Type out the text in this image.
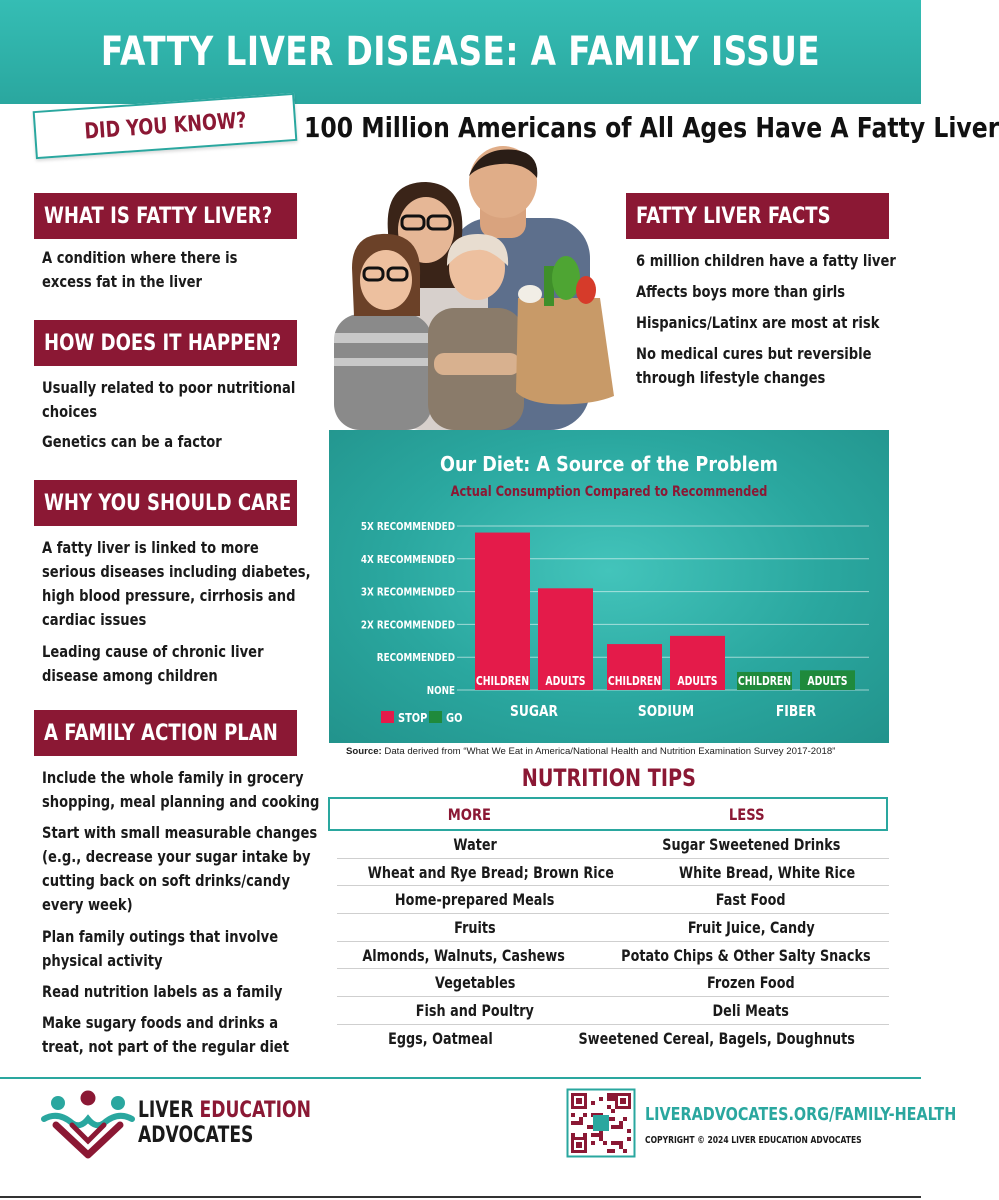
FATTY LIVER DISEASE: A FAMILY ISSUE
DID YOU KNOW? 100 Million Americans of All Ages Have A Fatty Liver
WHAT IS FATTY LIVER?
A condition where there is
excess fat in the liver
HOW DOES IT HAPPEN?
Usually related to poor nutritional
choices
Genetics can be a factor
WHY YOU SHOULD CARE
A fatty liver is linked to more
serious diseases including diabetes,
high blood pressure, cirrhosis and
cardiac issues
Leading cause of chronic liver
disease among children
A FAMILY ACTION PLAN
Include the whole family in grocery
shopping, meal planning and cooking
Start with small measurable changes
(e.g., decrease your sugar intake by
cutting back on soft drinks/candy
every week)
Plan family outings that involve
physical activity
Read nutrition labels as a family
Make sugary foods and drinks a
treat, not part of the regular diet
FATTY LIVER FACTS
6 million children have a fatty liver
Affects boys more than girls
Hispanics/Latinx are most at risk
No medical cures but reversible
through lifestyle changes
Our Diet: A Source of the Problem
Actual Consumption Compared to Recommended
NONE
RECOMMENDED
2X RECOMMENDED
3X RECOMMENDED
4X RECOMMENDED
5X RECOMMENDED
CHILDREN ADULTS
SUGAR
CHILDREN ADULTS
SODIUM
CHILDREN ADULTS
FIBER
STOP GO
Source: Data derived from “What We Eat in America/National Health and Nutrition Examination Survey 2017-2018”
NUTRITION TIPS
MORE	LESS
Water	Sugar Sweetened Drinks
Wheat and Rye Bread; Brown Rice	White Bread, White Rice
Home-prepared Meals	Fast Food
Fruits	Fruit Juice, Candy
Almonds, Walnuts, Cashews	Potato Chips & Other Salty Snacks
Vegetables	Frozen Food
Fish and Poultry	Deli Meats
Eggs, Oatmeal	Sweetened Cereal, Bagels, Doughnuts
LIVER EDUCATION
ADVOCATES
LIVERADVOCATES.ORG/FAMILY-HEALTH
COPYRIGHT © 2024 LIVER EDUCATION ADVOCATES
